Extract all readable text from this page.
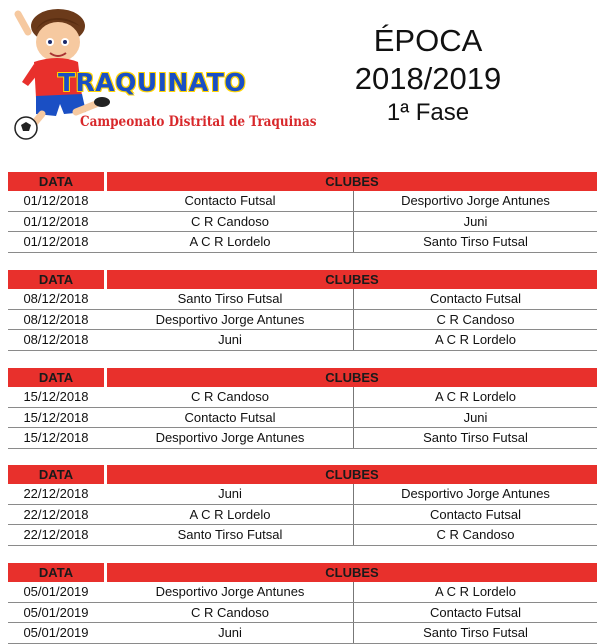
TRAQUINATO
Campeonato Distrital de Traquinas
ÉPOCA
2018/2019
1ª Fase
DATA	CLUBES
01/12/2018	Contacto Futsal	Desportivo Jorge Antunes
01/12/2018	C R Candoso	Juni
01/12/2018	A C R Lordelo	Santo Tirso Futsal
DATA	CLUBES
08/12/2018	Santo Tirso Futsal	Contacto Futsal
08/12/2018	Desportivo Jorge Antunes	C R Candoso
08/12/2018	Juni	A C R Lordelo
DATA	CLUBES
15/12/2018	C R Candoso	A C R Lordelo
15/12/2018	Contacto Futsal	Juni
15/12/2018	Desportivo Jorge Antunes	Santo Tirso Futsal
DATA	CLUBES
22/12/2018	Juni	Desportivo Jorge Antunes
22/12/2018	A C R Lordelo	Contacto Futsal
22/12/2018	Santo Tirso Futsal	C R Candoso
DATA	CLUBES
05/01/2019	Desportivo Jorge Antunes	A C R Lordelo
05/01/2019	C R Candoso	Contacto Futsal
05/01/2019	Juni	Santo Tirso Futsal
